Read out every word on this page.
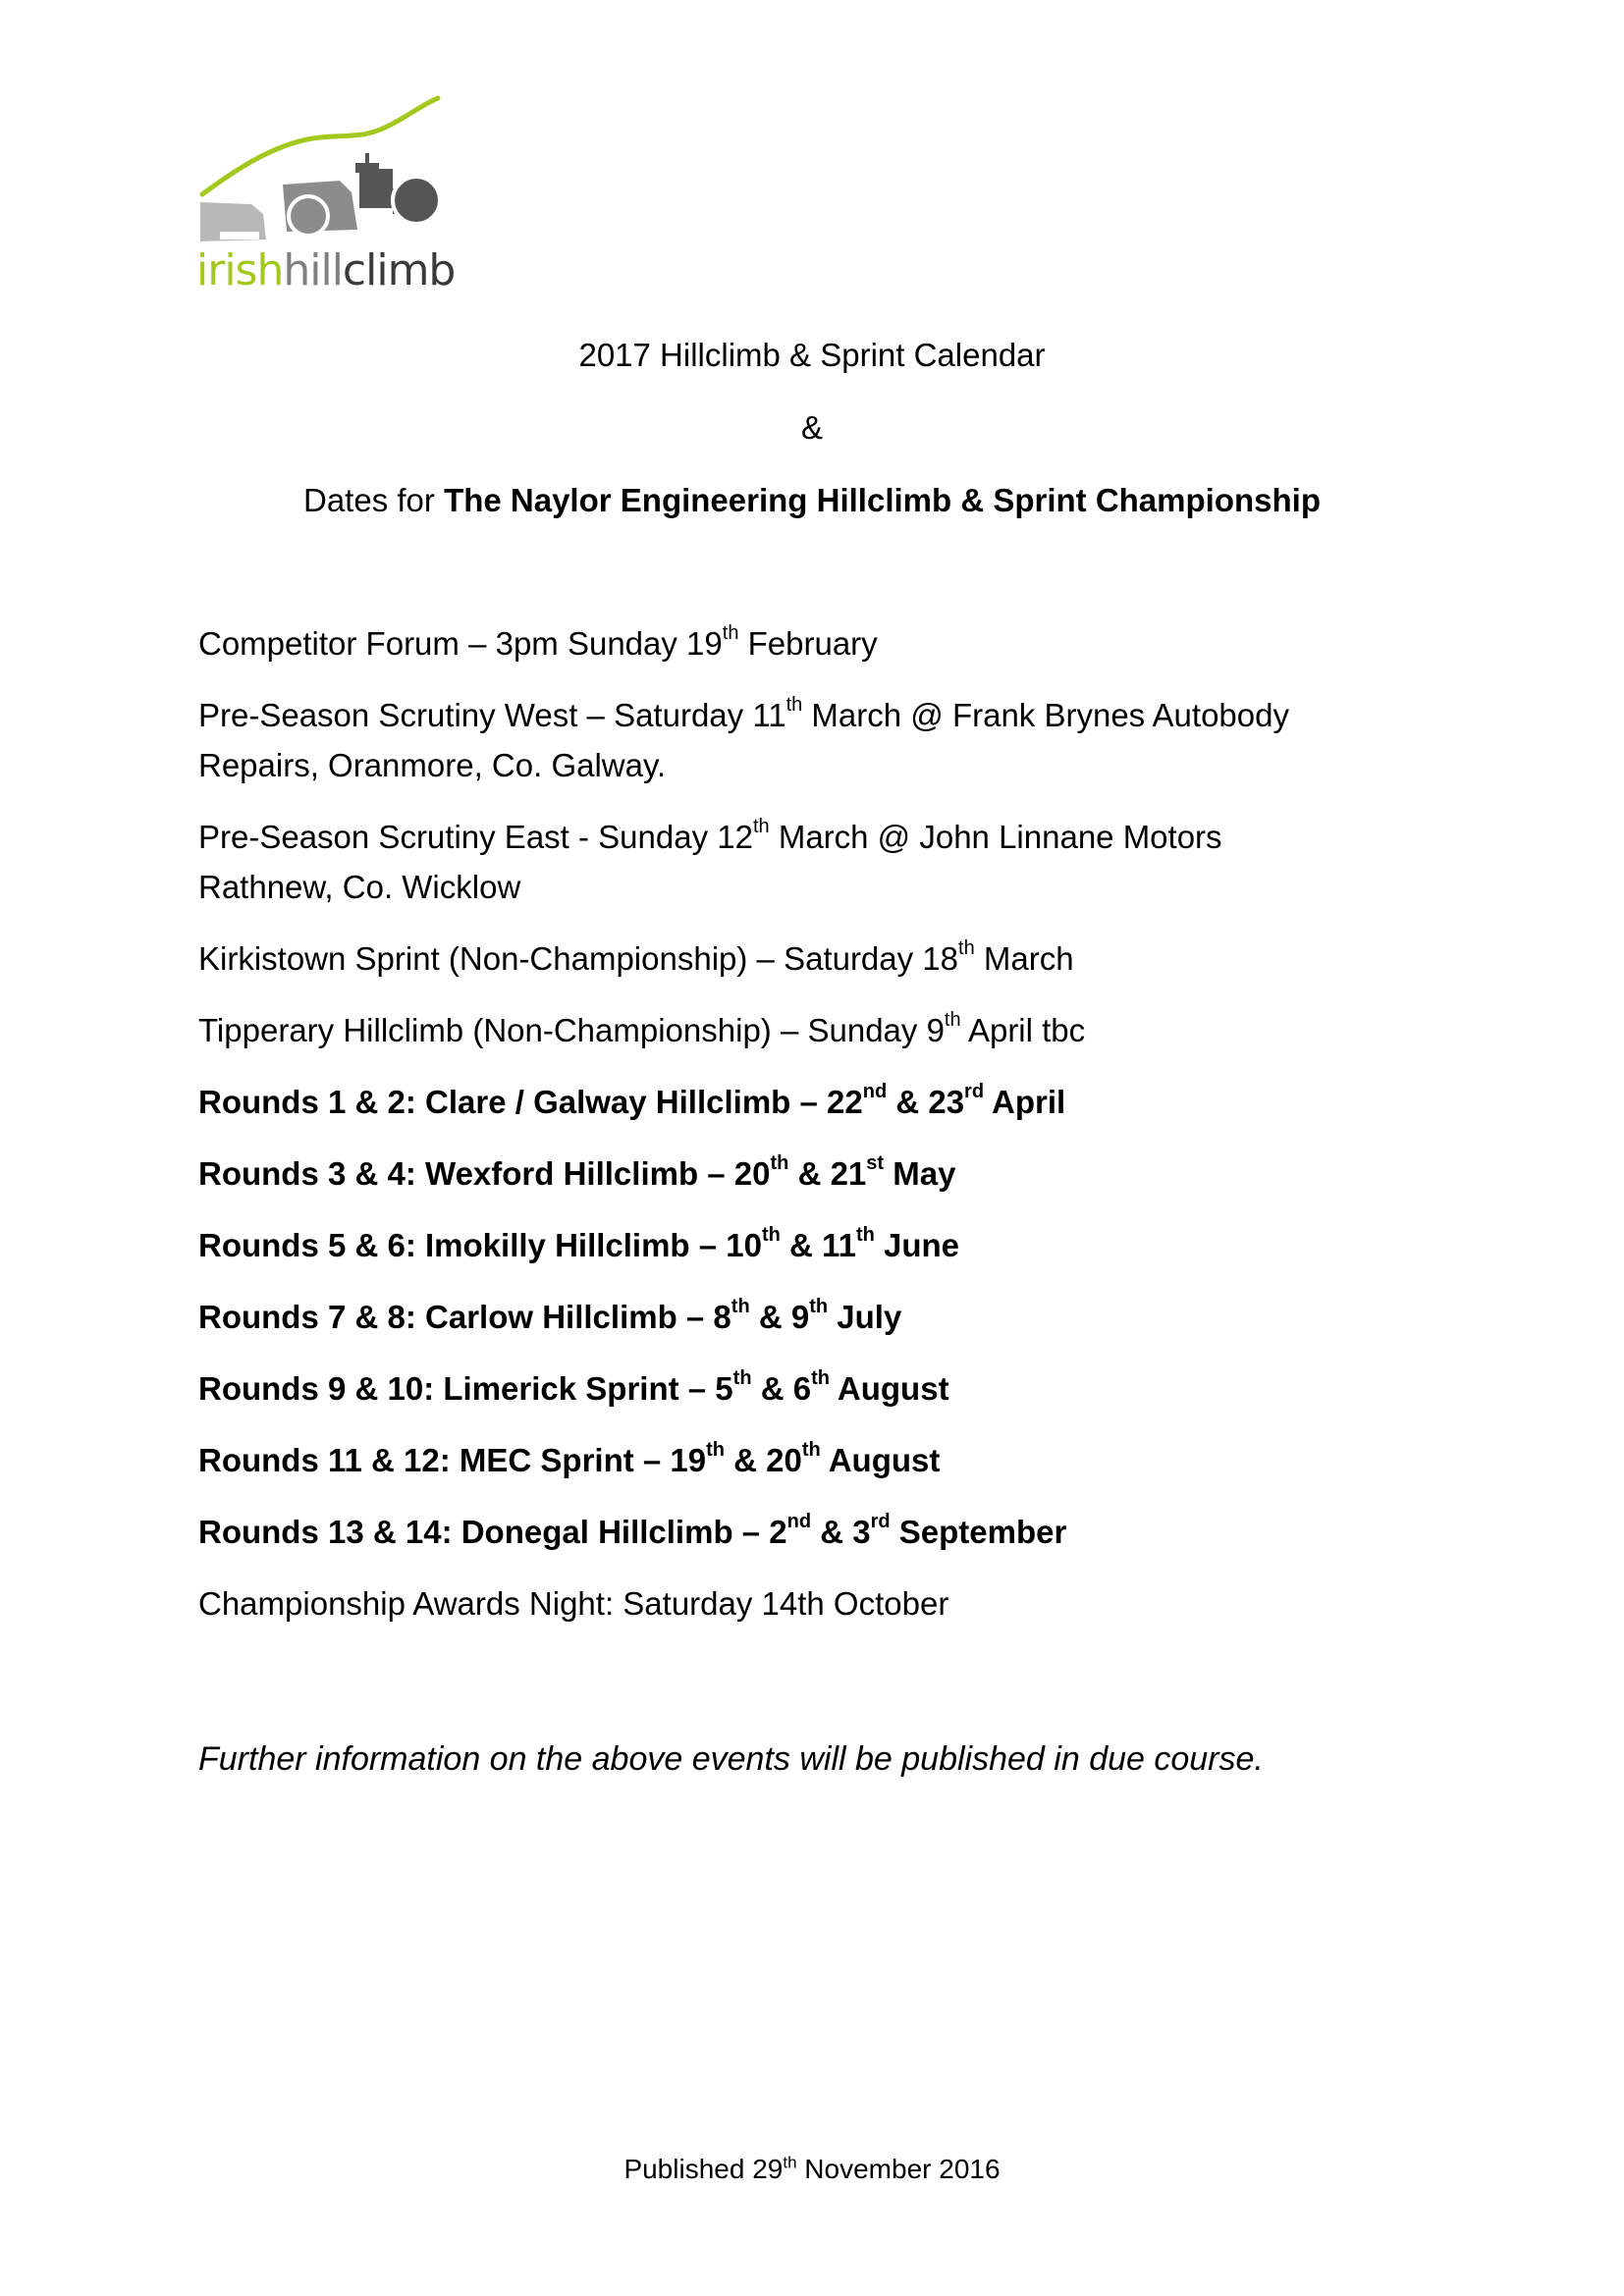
irishhillclimb
2017 Hillclimb & Sprint Calendar
&
Dates for The Naylor Engineering Hillclimb & Sprint Championship
Competitor Forum – 3pm Sunday 19th February
Pre-Season Scrutiny West – Saturday 11th March @ Frank Brynes Autobody
Repairs, Oranmore, Co. Galway.
Pre-Season Scrutiny East - Sunday 12th March @ John Linnane Motors
Rathnew, Co. Wicklow
Kirkistown Sprint (Non-Championship) – Saturday 18th March
Tipperary Hillclimb (Non-Championship) – Sunday 9th April tbc
Rounds 1 & 2: Clare / Galway Hillclimb – 22nd & 23rd April
Rounds 3 & 4: Wexford Hillclimb – 20th & 21st May
Rounds 5 & 6: Imokilly Hillclimb – 10th & 11th June
Rounds 7 & 8: Carlow Hillclimb – 8th & 9th July
Rounds 9 & 10: Limerick Sprint – 5th & 6th August
Rounds 11 & 12: MEC Sprint – 19th & 20th August
Rounds 13 & 14: Donegal Hillclimb – 2nd & 3rd September
Championship Awards Night: Saturday 14th October
Further information on the above events will be published in due course.
Published 29th November 2016
